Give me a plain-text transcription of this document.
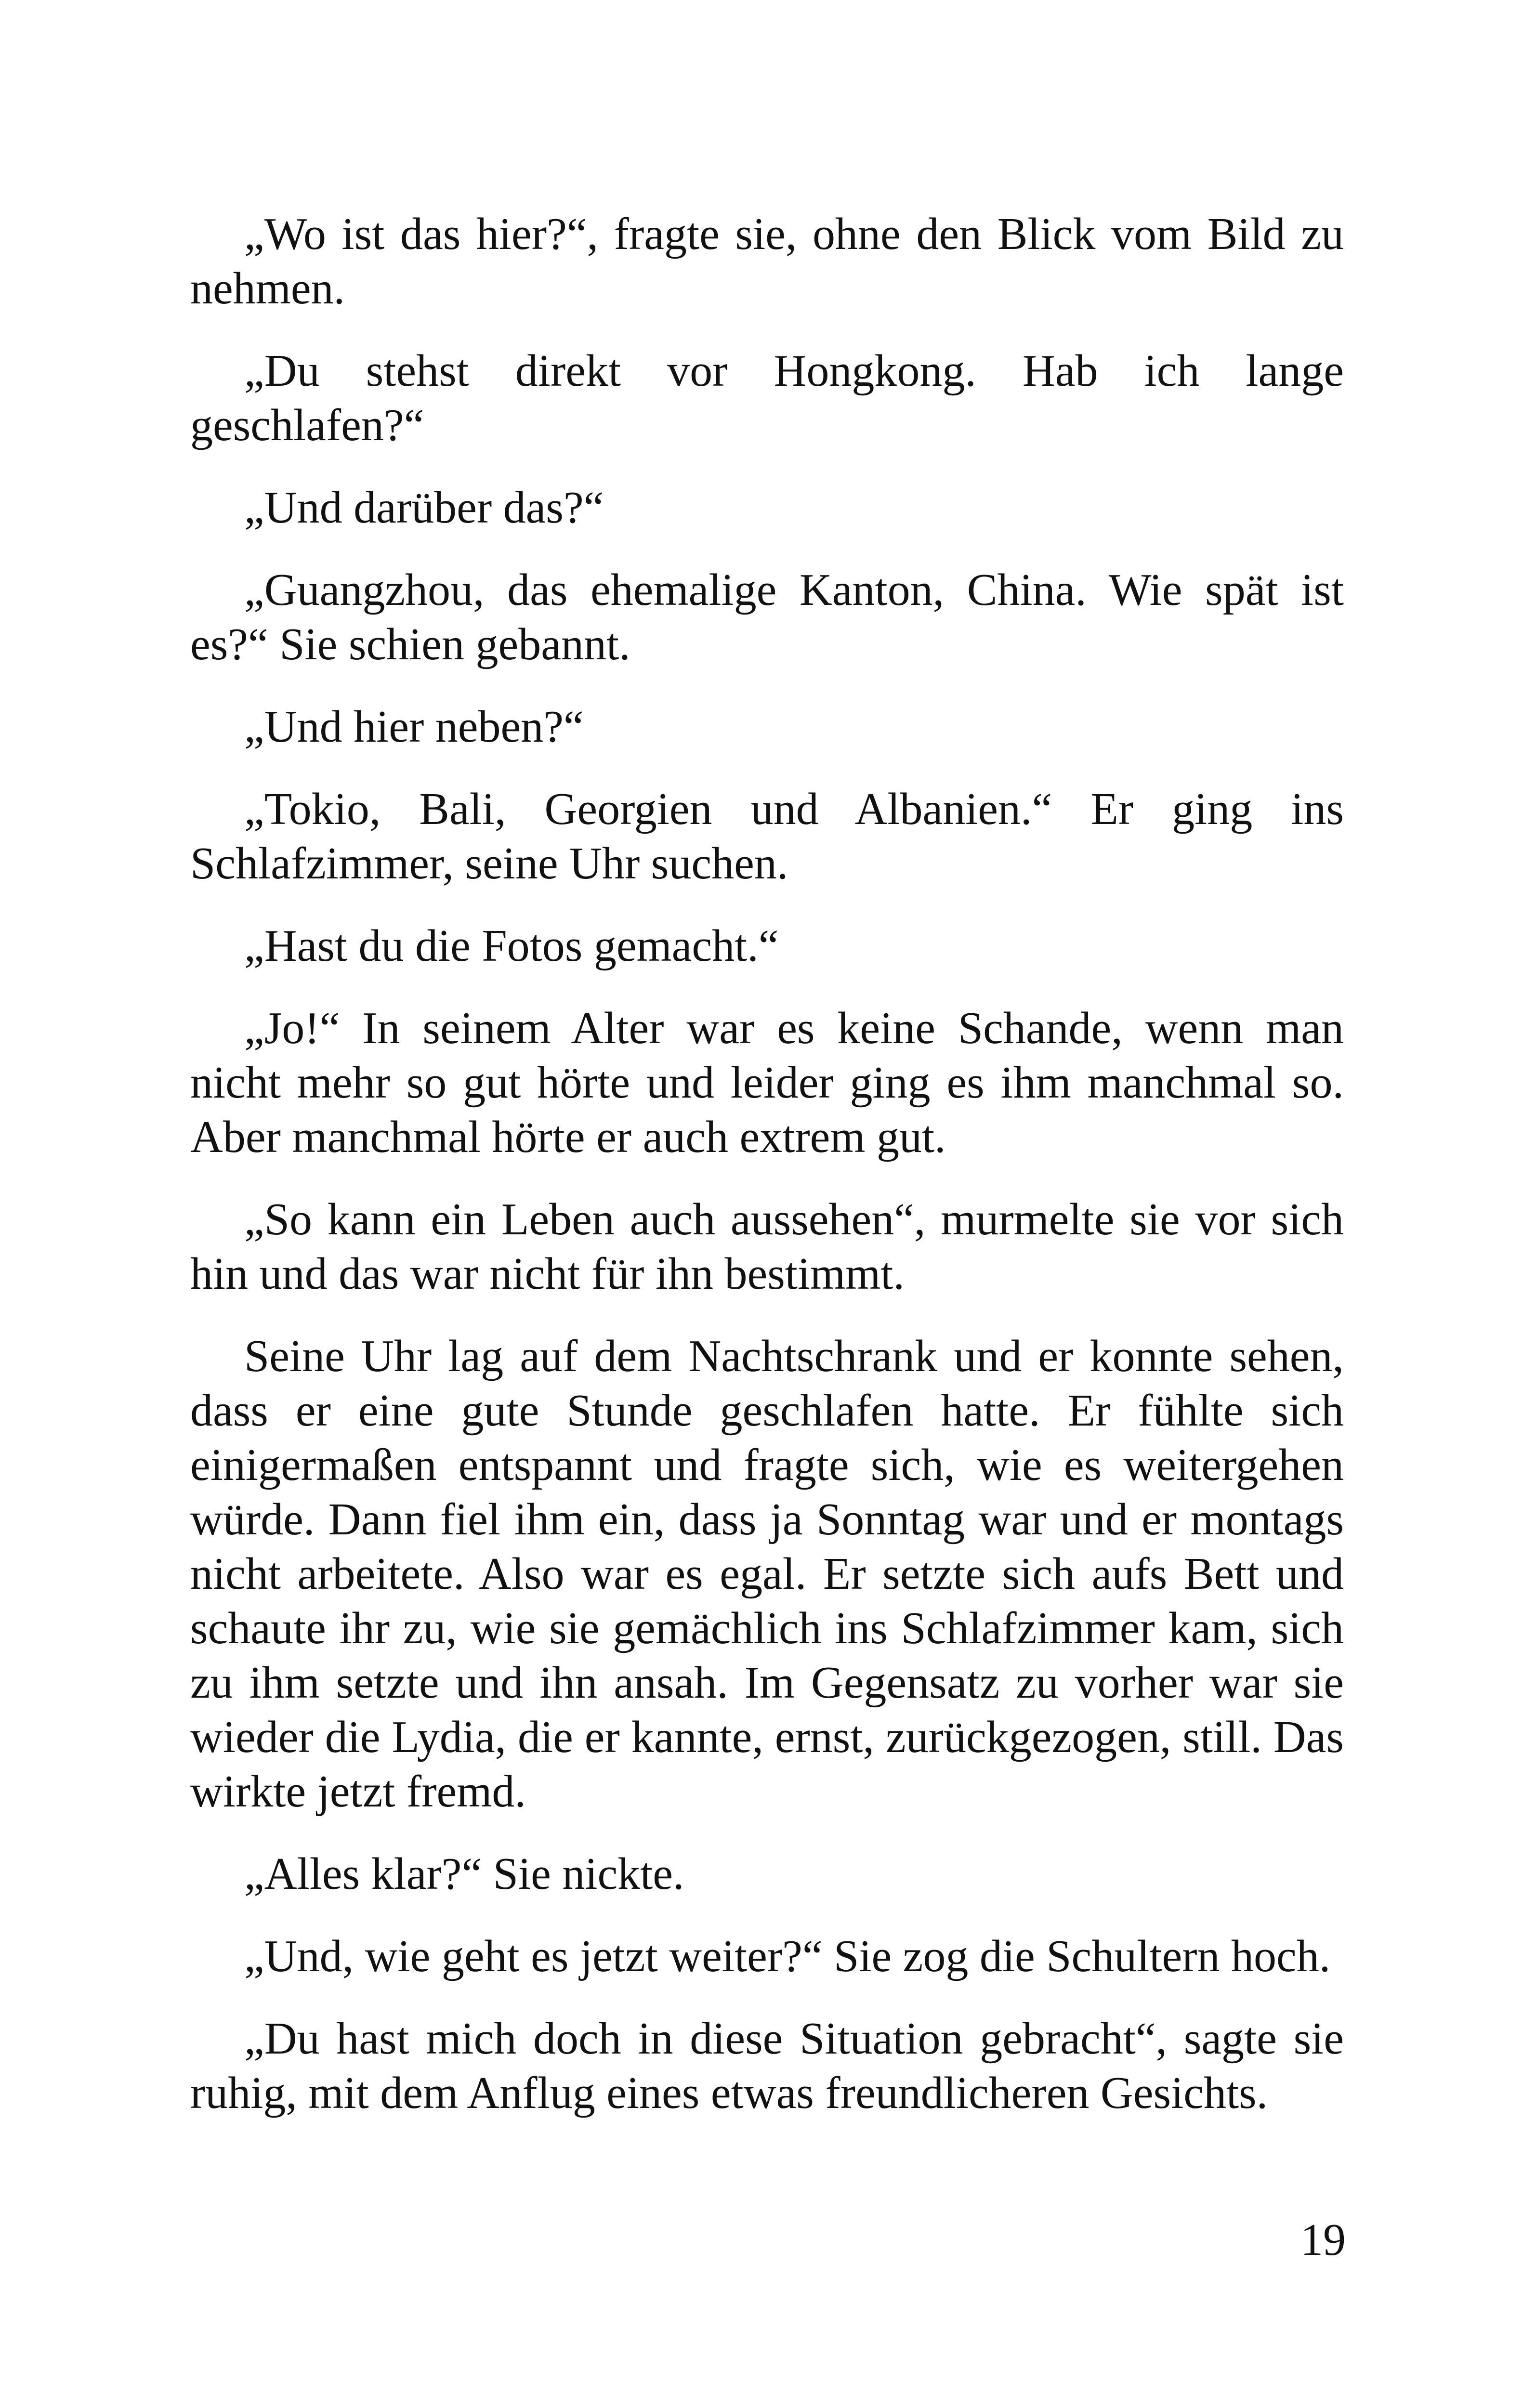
„Wo ist das hier?“, fragte sie, ohne den Blick vom Bild zu nehmen.

„Du stehst direkt vor Hongkong. Hab ich lange geschlafen?“

„Und darüber das?“

„Guangzhou, das ehemalige Kanton, China. Wie spät ist es?“ Sie schien gebannt.

„Und hier neben?“

„Tokio, Bali, Georgien und Albanien.“ Er ging ins Schlafzimmer, seine Uhr suchen.

„Hast du die Fotos gemacht.“

„Jo!“ In seinem Alter war es keine Schande, wenn man nicht mehr so gut hörte und leider ging es ihm manchmal so. Aber manchmal hörte er auch extrem gut.

„So kann ein Leben auch aussehen“, murmelte sie vor sich hin und das war nicht für ihn bestimmt.

Seine Uhr lag auf dem Nachtschrank und er konnte sehen, dass er eine gute Stunde geschlafen hatte. Er fühlte sich einigermaßen entspannt und fragte sich, wie es weitergehen würde. Dann fiel ihm ein, dass ja Sonntag war und er montags nicht arbeitete. Also war es egal. Er setzte sich aufs Bett und schaute ihr zu, wie sie gemächlich ins Schlafzimmer kam, sich zu ihm setzte und ihn ansah. Im Gegensatz zu vorher war sie wieder die Lydia, die er kannte, ernst, zurückgezogen, still. Das wirkte jetzt fremd.

„Alles klar?“ Sie nickte.

„Und, wie geht es jetzt weiter?“ Sie zog die Schultern hoch.

„Du hast mich doch in diese Situation gebracht“, sagte sie ruhig, mit dem Anflug eines etwas freundlicheren Gesichts.

19
